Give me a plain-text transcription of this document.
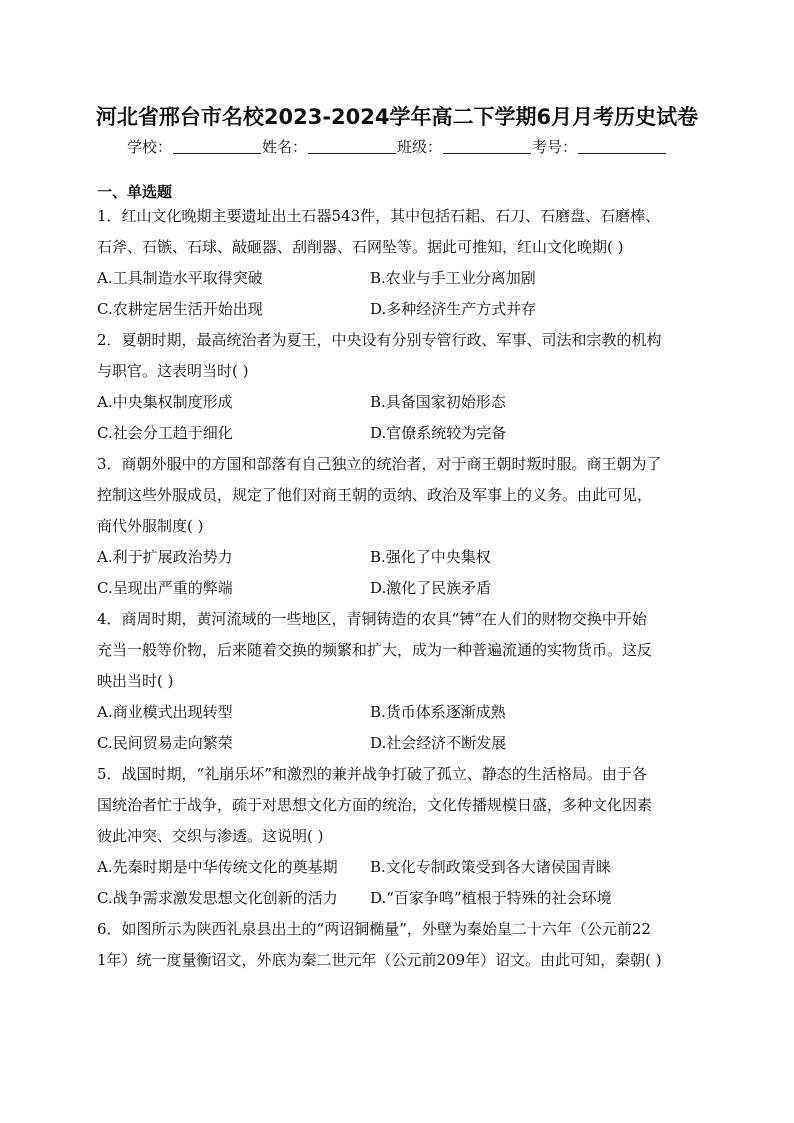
河北省邢台市名校2023-2024学年高二下学期6月月考历史试卷
学校：	姓名：	班级：	考号：
一、单选题
1．红山文化晚期主要遗址出土石器543件，其中包括石耜、石刀、石磨盘、石磨棒、
石斧、石镞、石球、敲砸器、刮削器、石网坠等。据此可推知，红山文化晚期( )
A.工具制造水平取得突破	B.农业与手工业分离加剧
C.农耕定居生活开始出现	D.多种经济生产方式并存
2．夏朝时期，最高统治者为夏王，中央设有分别专管行政、军事、司法和宗教的机构
与职官。这表明当时( )
A.中央集权制度形成	B.具备国家初始形态
C.社会分工趋于细化	D.官僚系统较为完备
3．商朝外服中的方国和部落有自己独立的统治者，对于商王朝时叛时服。商王朝为了
控制这些外服成员，规定了他们对商王朝的贡纳、政治及军事上的义务。由此可见，
商代外服制度( )
A.利于扩展政治势力	B.强化了中央集权
C.呈现出严重的弊端	D.激化了民族矛盾
4．商周时期，黄河流域的一些地区，青铜铸造的农具“镈”在人们的财物交换中开始
充当一般等价物，后来随着交换的频繁和扩大，成为一种普遍流通的实物货币。这反
映出当时( )
A.商业模式出现转型	B.货币体系逐渐成熟
C.民间贸易走向繁荣	D.社会经济不断发展
5．战国时期，“礼崩乐坏”和激烈的兼并战争打破了孤立、静态的生活格局。由于各
国统治者忙于战争，疏于对思想文化方面的统治，文化传播规模日盛，多种文化因素
彼此冲突、交织与渗透。这说明( )
A.先秦时期是中华传统文化的奠基期 B.文化专制政策受到各大诸侯国青睐
C.战争需求激发思想文化创新的活力 D.“百家争鸣”植根于特殊的社会环境
6．如图所示为陕西礼泉县出土的“两诏铜椭量”，外壁为秦始皇二十六年（公元前22
1年）统一度量衡诏文，外底为秦二世元年（公元前209年）诏文。由此可知，秦朝( )
